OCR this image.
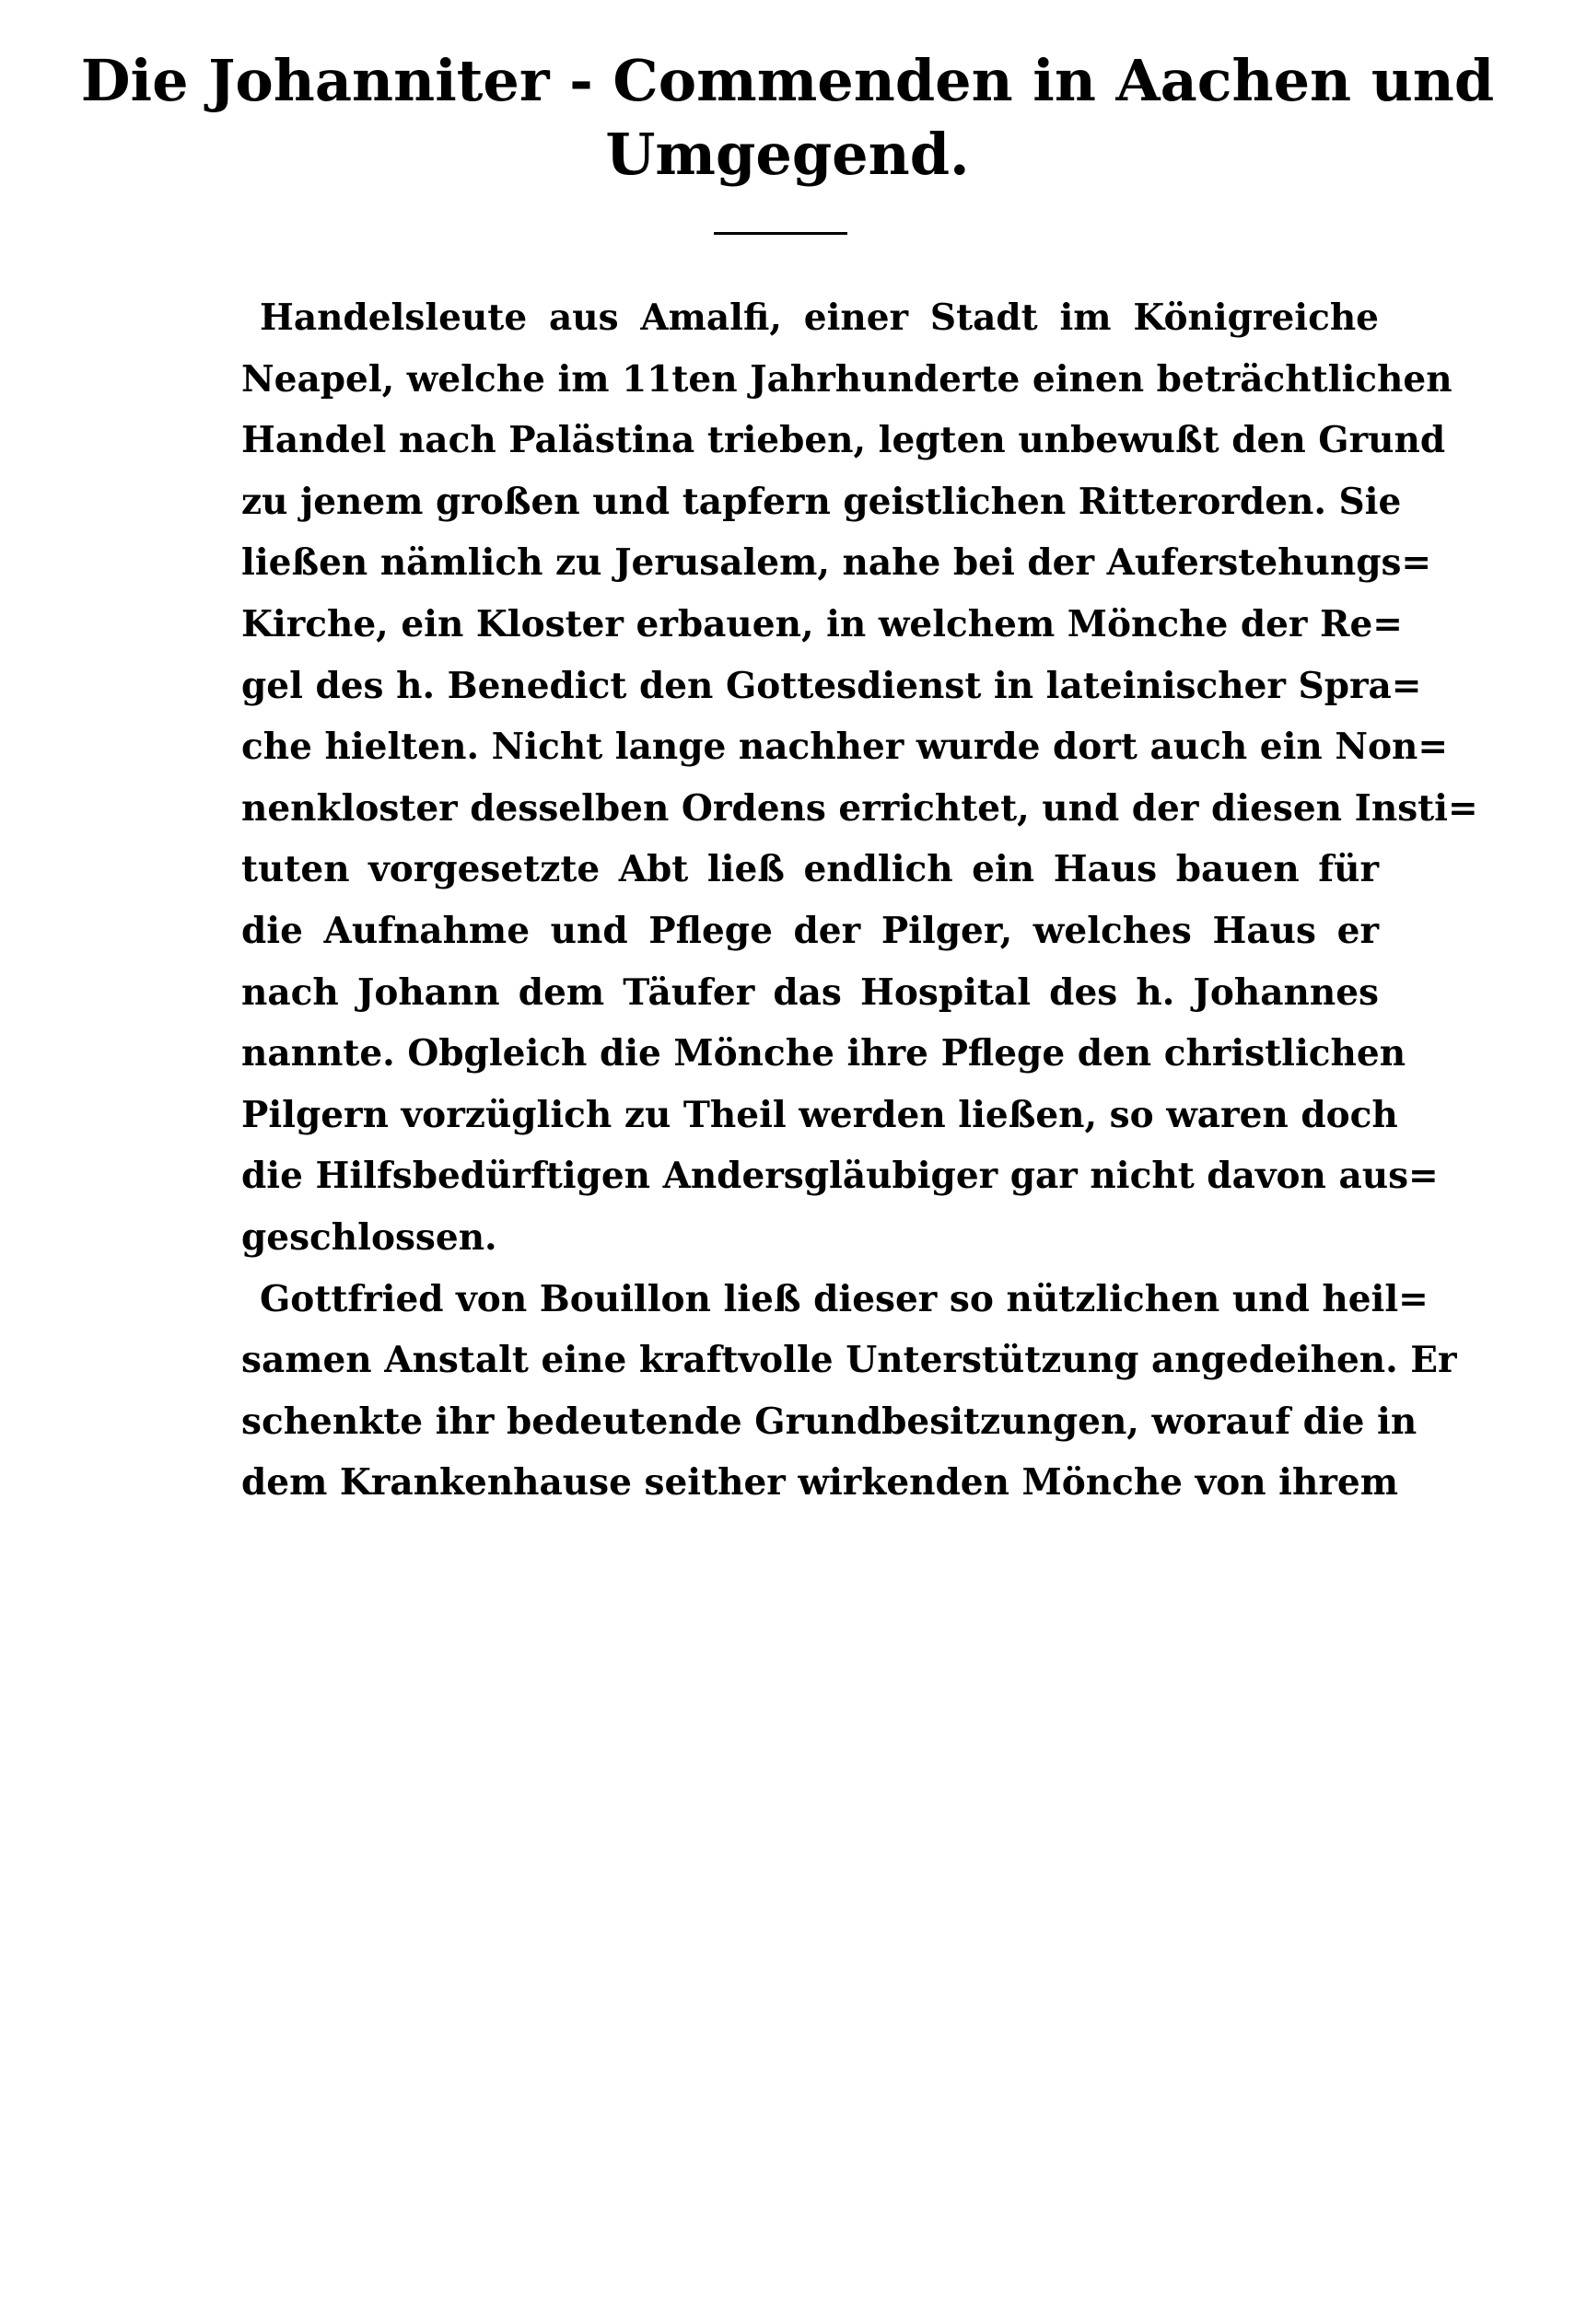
Die Johanniter - Commenden in Aachen und
Umgegend.
Handelsleute aus Amalfi, einer Stadt im Königreiche
Neapel, welche im 11ten Jahrhunderte einen beträchtlichen
Handel nach Palästina trieben, legten unbewußt den Grund
zu jenem großen und tapfern geistlichen Ritterorden. Sie
ließen nämlich zu Jerusalem, nahe bei der Auferstehungs=
Kirche, ein Kloster erbauen, in welchem Mönche der Re=
gel des h. Benedict den Gottesdienst in lateinischer Spra=
che hielten. Nicht lange nachher wurde dort auch ein Non=
nenkloster desselben Ordens errichtet, und der diesen Insti=
tuten vorgesetzte Abt ließ endlich ein Haus bauen für
die Aufnahme und Pflege der Pilger, welches Haus er
nach Johann dem Täufer das Hospital des h. Johannes
nannte. Obgleich die Mönche ihre Pflege den christlichen
Pilgern vorzüglich zu Theil werden ließen, so waren doch
die Hilfsbedürftigen Andersgläubiger gar nicht davon aus=
geschlossen.
Gottfried von Bouillon ließ dieser so nützlichen und heil=
samen Anstalt eine kraftvolle Unterstützung angedeihen. Er
schenkte ihr bedeutende Grundbesitzungen, worauf die in
dem Krankenhause seither wirkenden Mönche von ihrem
